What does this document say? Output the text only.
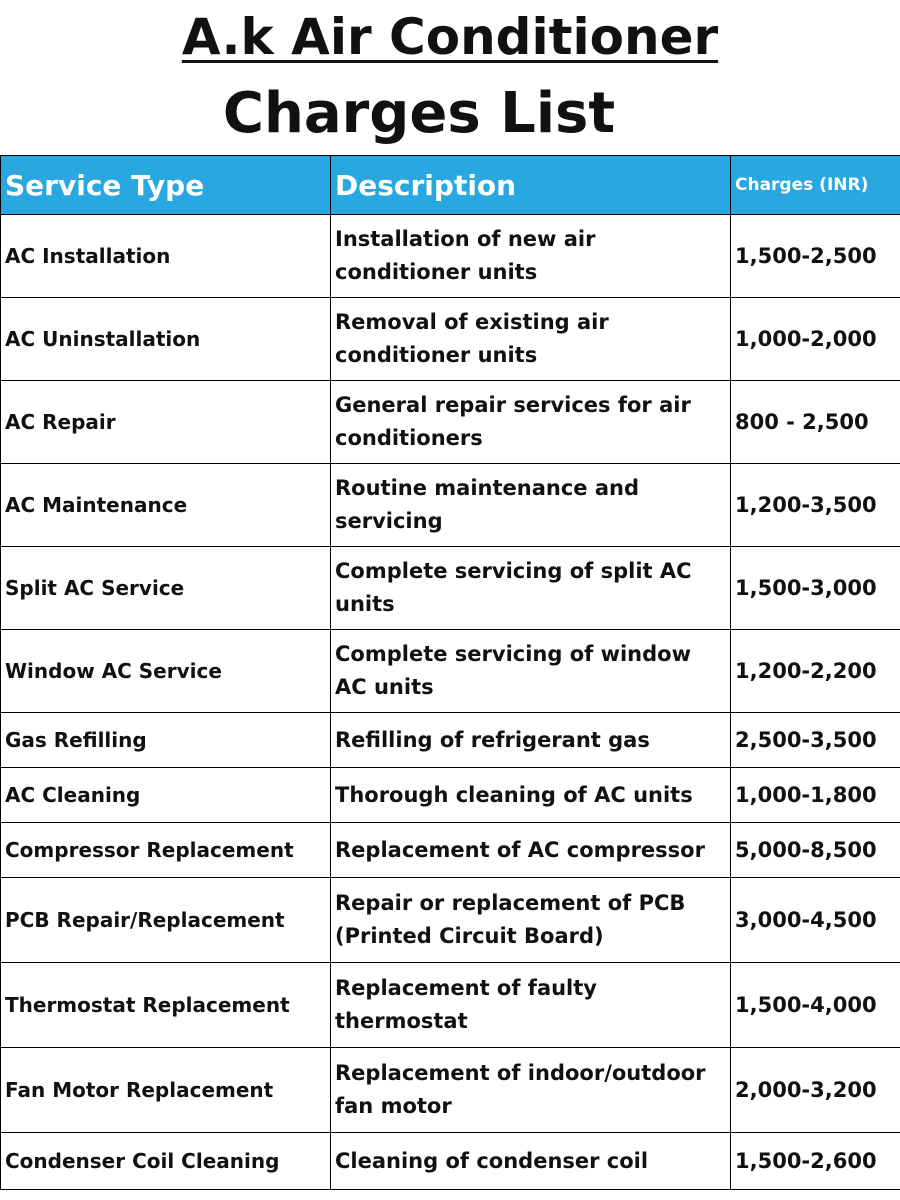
A.k Air Conditioner
Charges List
Service Type	Description	Charges (INR)
AC Installation	Installation of new air conditioner units	1,500-2,500
AC Uninstallation	Removal of existing air conditioner units	1,000-2,000
AC Repair	General repair services for air conditioners	800 - 2,500
AC Maintenance	Routine maintenance and servicing	1,200-3,500
Split AC Service	Complete servicing of split AC units	1,500-3,000
Window AC Service	Complete servicing of window AC units	1,200-2,200
Gas Refilling	Refilling of refrigerant gas	2,500-3,500
AC Cleaning	Thorough cleaning of AC units	1,000-1,800
Compressor Replacement	Replacement of AC compressor	5,000-8,500
PCB Repair/Replacement	Repair or replacement of PCB (Printed Circuit Board)	3,000-4,500
Thermostat Replacement	Replacement of faulty thermostat	1,500-4,000
Fan Motor Replacement	Replacement of indoor/outdoor fan motor	2,000-3,200
Condenser Coil Cleaning	Cleaning of condenser coil	1,500-2,600
